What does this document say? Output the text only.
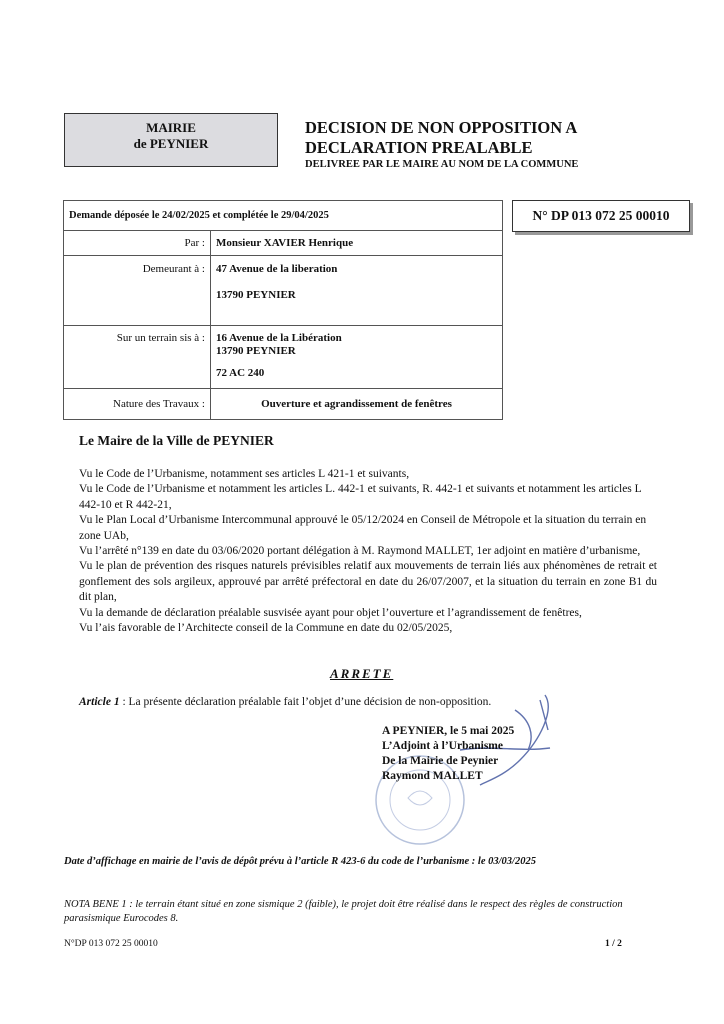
MAIRIE
de PEYNIER
DECISION DE NON OPPOSITION A
DECLARATION PREALABLE
DELIVREE PAR LE MAIRE AU NOM DE LA COMMUNE
Demande déposée le 24/02/2025 et complétée le 29/04/2025	
Par :	Monsieur XAVIER Henrique
Demeurant à :	47 Avenue de la liberation
13790 PEYNIER

Sur un terrain sis à :	16 Avenue de la Libération
13790 PEYNIER
72 AC 240

Nature des Travaux :	Ouverture et agrandissement de fenêtres
N° DP 013 072 25 00010
Le Maire de la Ville de PEYNIER
Vu le Code de l’Urbanisme, notamment ses articles L 421-1 et suivants,
Vu le Code de l’Urbanisme et notamment les articles L. 442-1 et suivants, R. 442-1 et suivants et notamment les articles L 442-10 et R 442-21,
Vu le Plan Local d’Urbanisme Intercommunal approuvé le 05/12/2024 en Conseil de Métropole et la situation du terrain en zone UAb,
Vu l’arrêté n°139 en date du 03/06/2020 portant délégation à M. Raymond MALLET, 1er adjoint en matière d’urbanisme,
Vu le plan de prévention des risques naturels prévisibles relatif aux mouvements de terrain liés aux phénomènes de retrait et gonflement des sols argileux, approuvé par arrêté préfectoral en date du 26/07/2007, et la situation du terrain en zone B1 du dit plan,
Vu la demande de déclaration préalable susvisée ayant pour objet l’ouverture et l’agrandissement de fenêtres,
Vu l’ais favorable de l’Architecte conseil de la Commune en date du 02/05/2025,
ARRETE
Article 1 : La présente déclaration préalable fait l’objet d’une décision de non-opposition.
A PEYNIER, le 5 mai 2025
L’Adjoint à l’Urbanisme
De la Mairie de Peynier
Raymond MALLET
Date d’affichage en mairie de l’avis de dépôt prévu à l’article R 423-6 du code de l’urbanisme : le 03/03/2025
NOTA BENE 1 : le terrain étant situé en zone sismique 2 (faible), le projet doit être réalisé dans le respect des règles de construction parasismique Eurocodes 8.
N°DP 013 072 25 00010	1 / 2
